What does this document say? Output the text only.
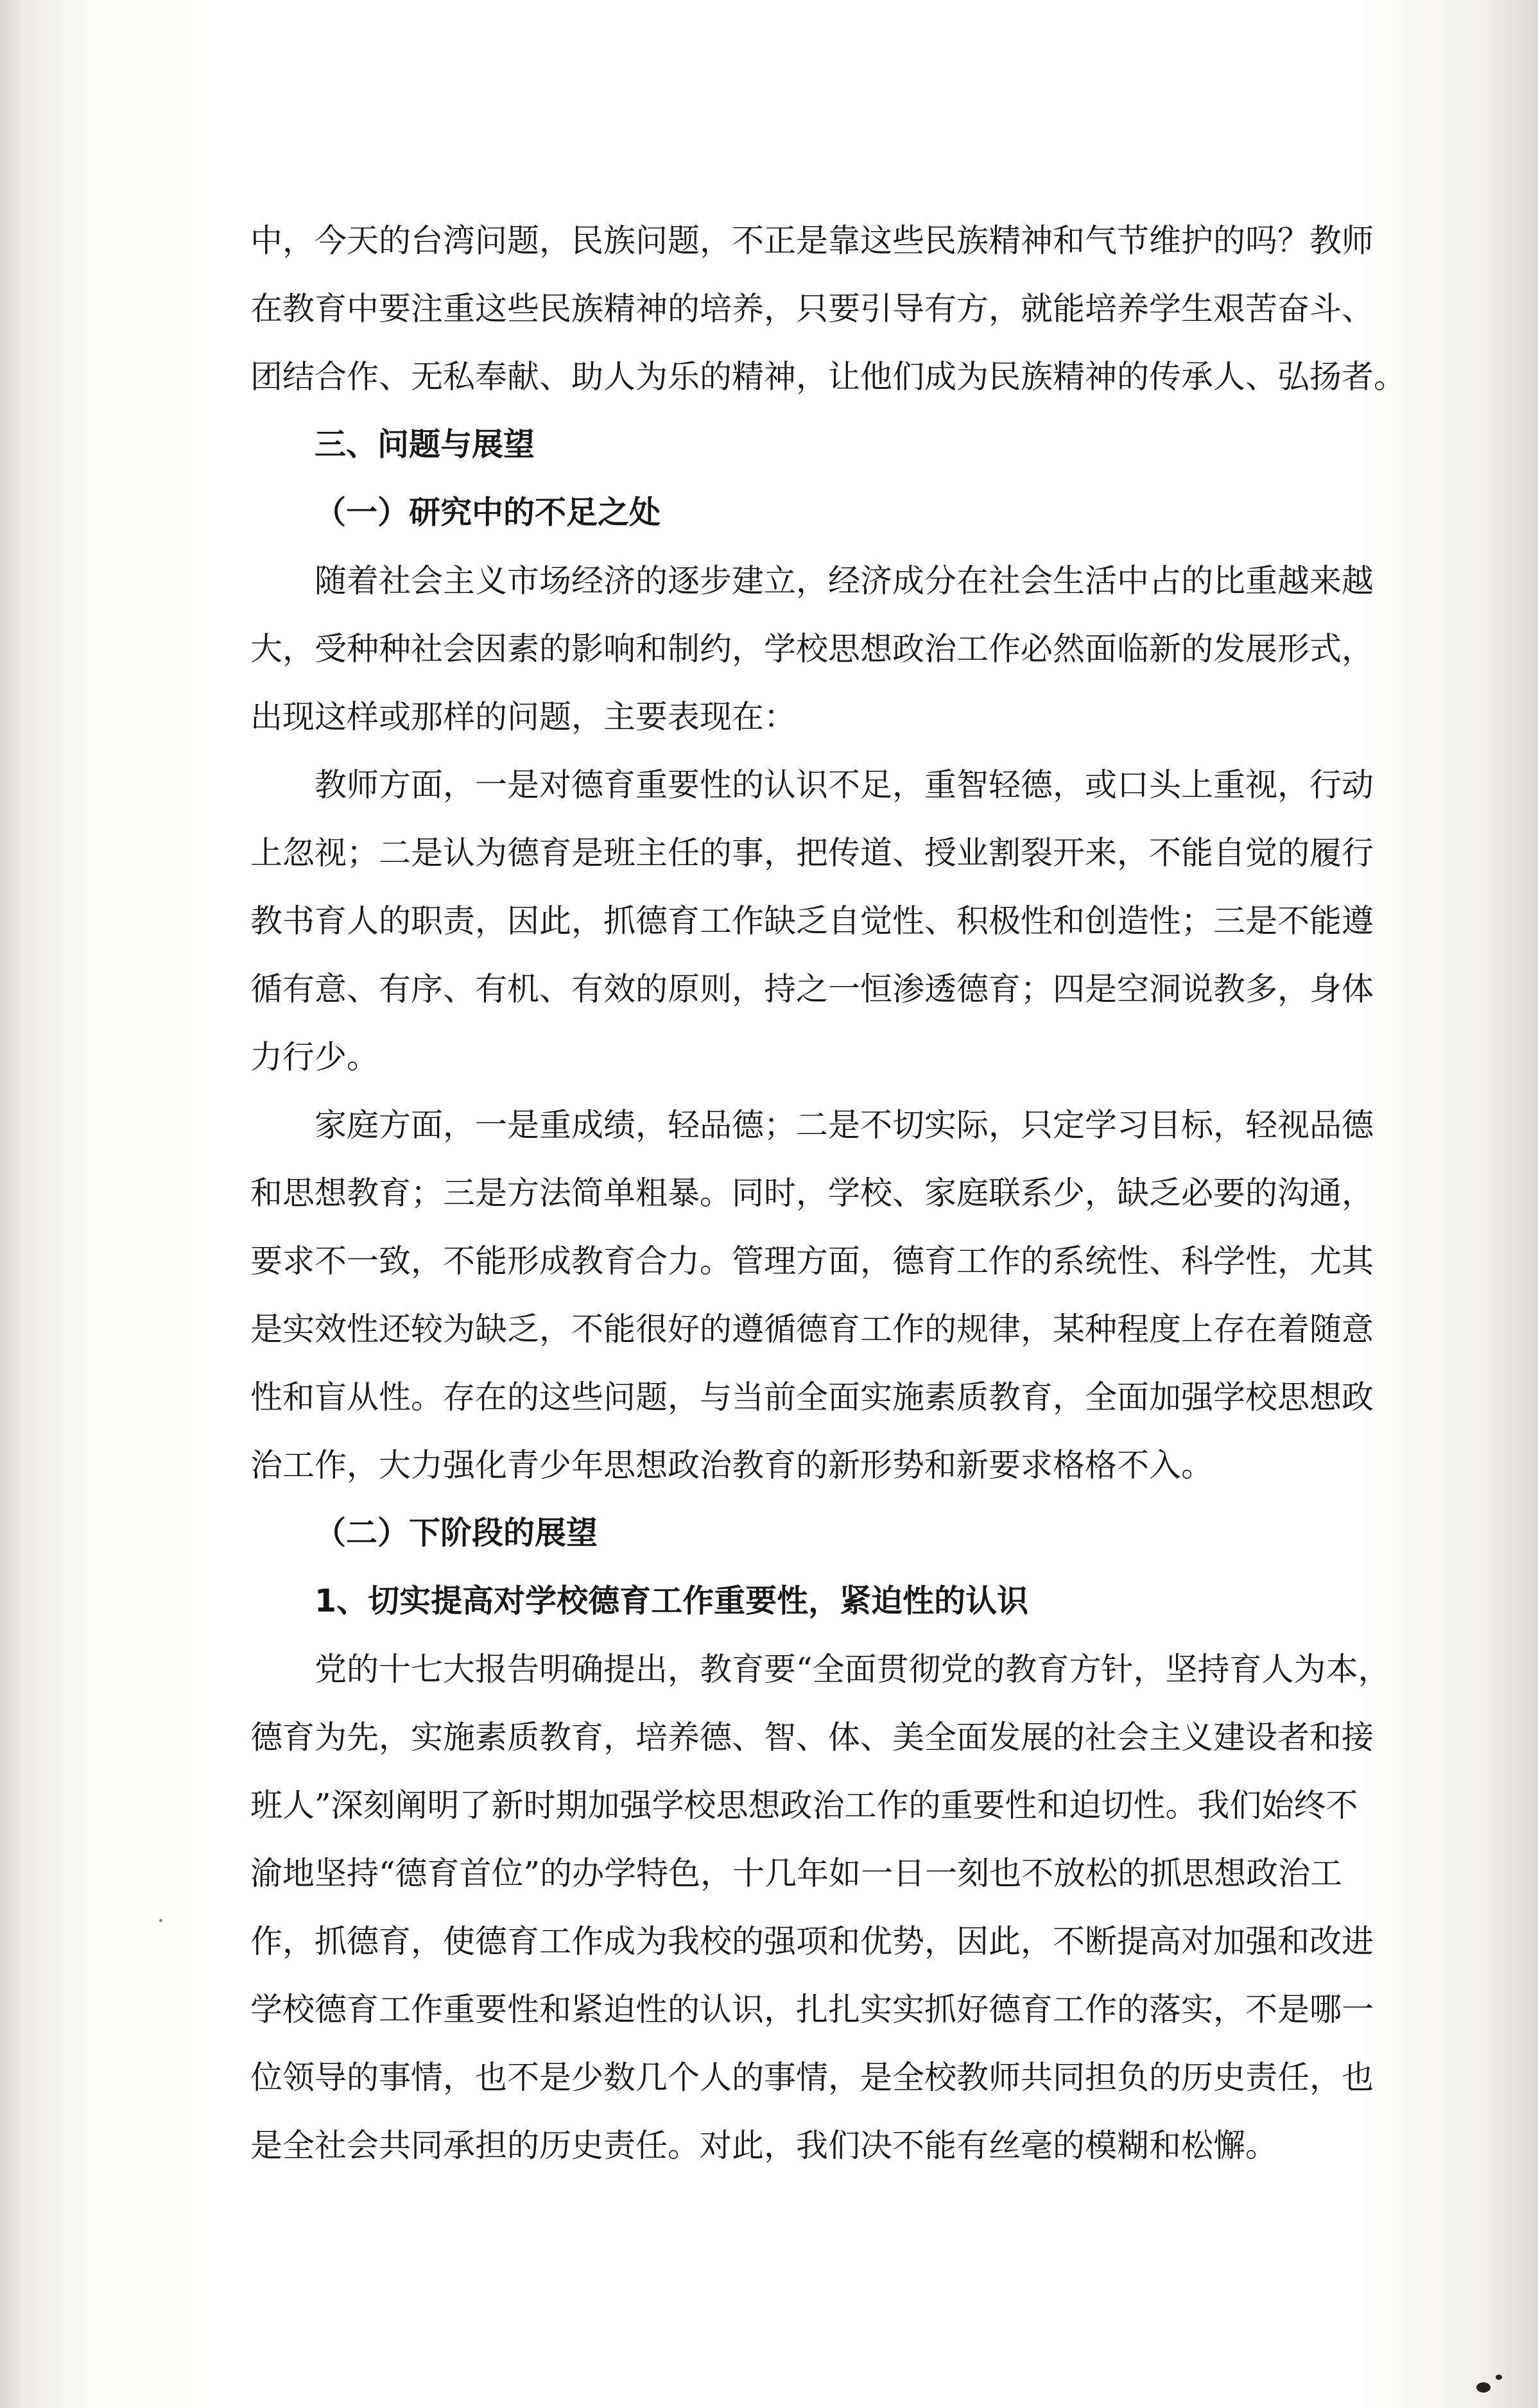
中，今天的台湾问题，民族问题，不正是靠这些民族精神和气节维护的吗？教师
在教育中要注重这些民族精神的培养，只要引导有方，就能培养学生艰苦奋斗、
团结合作、无私奉献、助人为乐的精神，让他们成为民族精神的传承人、弘扬者。
三、问题与展望
（一）研究中的不足之处
随着社会主义市场经济的逐步建立，经济成分在社会生活中占的比重越来越
大，受种种社会因素的影响和制约，学校思想政治工作必然面临新的发展形式，
出现这样或那样的问题，主要表现在：
教师方面，一是对德育重要性的认识不足，重智轻德，或口头上重视，行动
上忽视；二是认为德育是班主任的事，把传道、授业割裂开来，不能自觉的履行
教书育人的职责，因此，抓德育工作缺乏自觉性、积极性和创造性；三是不能遵
循有意、有序、有机、有效的原则，持之一恒渗透德育；四是空洞说教多，身体
力行少。
家庭方面，一是重成绩，轻品德；二是不切实际，只定学习目标，轻视品德
和思想教育；三是方法简单粗暴。同时，学校、家庭联系少，缺乏必要的沟通，
要求不一致，不能形成教育合力。管理方面，德育工作的系统性、科学性，尤其
是实效性还较为缺乏，不能很好的遵循德育工作的规律，某种程度上存在着随意
性和盲从性。存在的这些问题，与当前全面实施素质教育，全面加强学校思想政
治工作，大力强化青少年思想政治教育的新形势和新要求格格不入。
（二）下阶段的展望
1、切实提高对学校德育工作重要性，紧迫性的认识
党的十七大报告明确提出，教育要“全面贯彻党的教育方针，坚持育人为本，
德育为先，实施素质教育，培养德、智、体、美全面发展的社会主义建设者和接
班人”深刻阐明了新时期加强学校思想政治工作的重要性和迫切性。我们始终不
渝地坚持“德育首位”的办学特色，十几年如一日一刻也不放松的抓思想政治工
作，抓德育，使德育工作成为我校的强项和优势，因此，不断提高对加强和改进
学校德育工作重要性和紧迫性的认识，扎扎实实抓好德育工作的落实，不是哪一
位领导的事情，也不是少数几个人的事情，是全校教师共同担负的历史责任，也
是全社会共同承担的历史责任。对此，我们决不能有丝毫的模糊和松懈。
